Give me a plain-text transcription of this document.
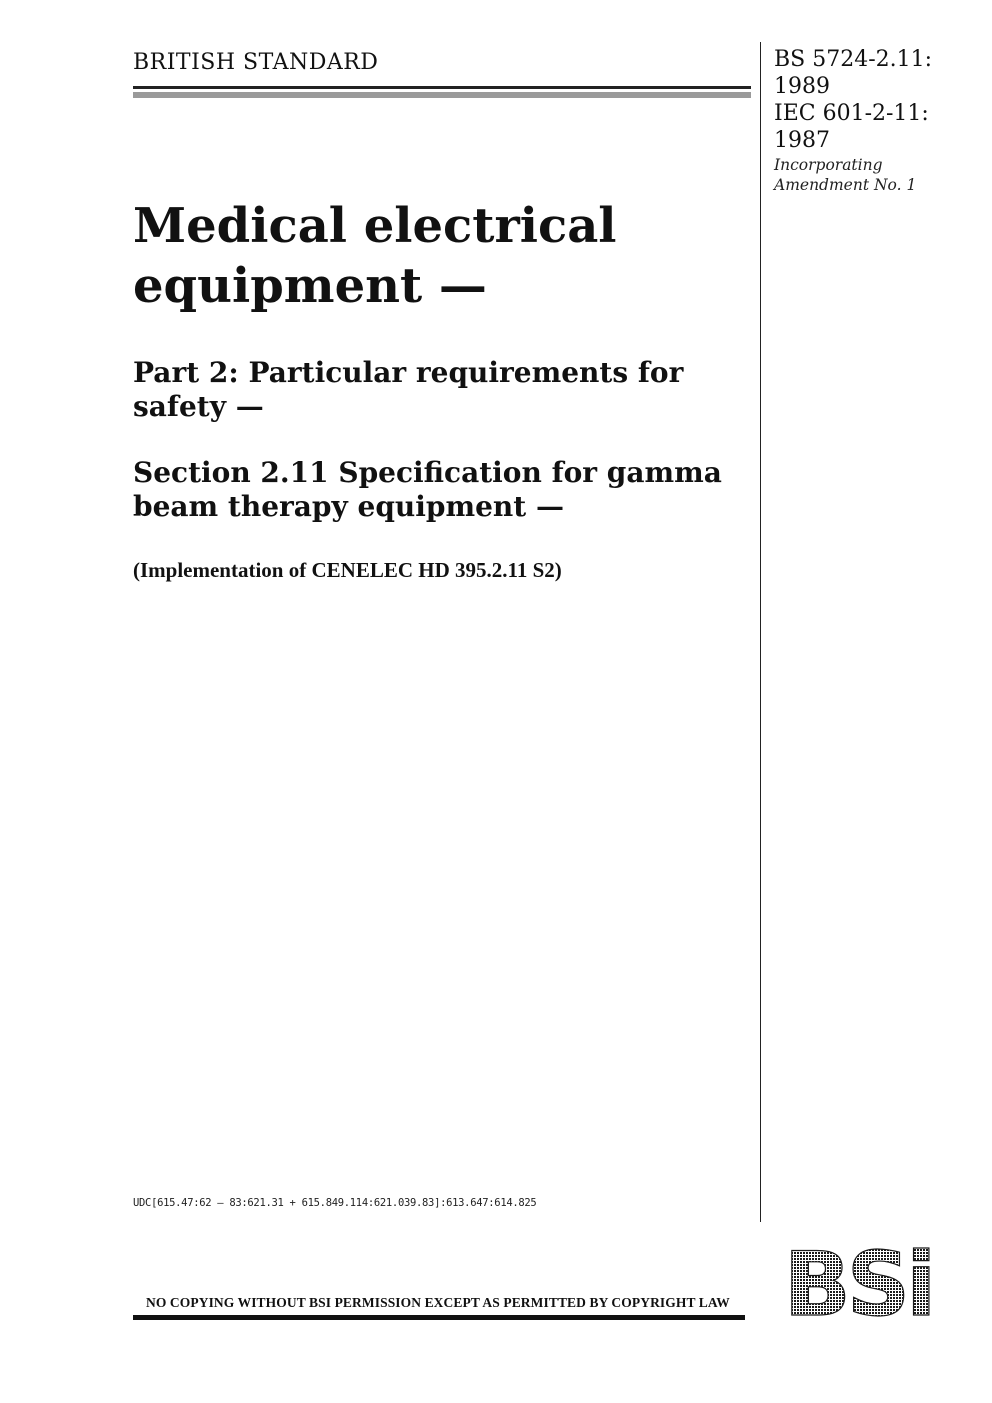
BRITISH STANDARD	BS 5724-2.11:
1989
IEC 601-2-11:
1987
Incorporating
Amendment No. 1
Medical electrical
equipment —
Part 2: Particular requirements for
safety —
Section 2.11 Specification for gamma
beam therapy equipment —
(Implementation of CENELEC HD 395.2.11 S2)
UDC[615.47:62 – 83:621.31 + 615.849.114:621.039.83]:613.647:614.825
NO COPYING WITHOUT BSI PERMISSION EXCEPT AS PERMITTED BY COPYRIGHT LAW BSi
